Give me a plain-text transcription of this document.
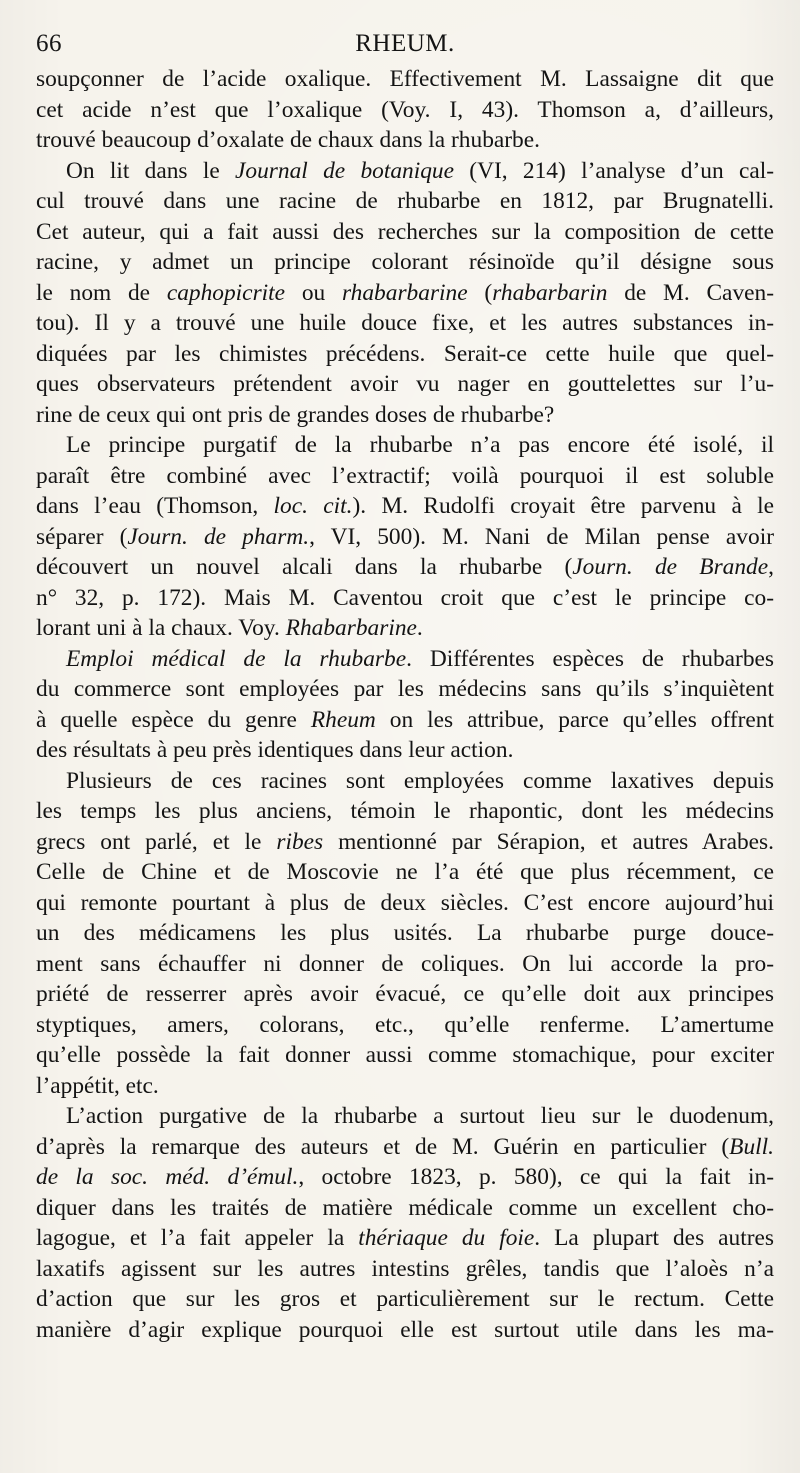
66	RHEUM.

soupçonner de l’acide oxalique. Effectivement M. Lassaigne dit que
cet acide n’est que l’oxalique (Voy. I, 43). Thomson a, d’ailleurs,
trouvé beaucoup d’oxalate de chaux dans la rhubarbe.

On lit dans le Journal de botanique (VI, 214) l’analyse d’un cal-
cul trouvé dans une racine de rhubarbe en 1812, par Brugnatelli.
Cet auteur, qui a fait aussi des recherches sur la composition de cette
racine, y admet un principe colorant résinoïde qu’il désigne sous
le nom de caphopicrite ou rhabarbarine (rhabarbarin de M. Caven-
tou). Il y a trouvé une huile douce fixe, et les autres substances in-
diquées par les chimistes précédens. Serait-ce cette huile que quel-
ques observateurs prétendent avoir vu nager en gouttelettes sur l’u-
rine de ceux qui ont pris de grandes doses de rhubarbe?

Le principe purgatif de la rhubarbe n’a pas encore été isolé, il
paraît être combiné avec l’extractif; voilà pourquoi il est soluble
dans l’eau (Thomson, loc. cit.). M. Rudolfi croyait être parvenu à le
séparer (Journ. de pharm., VI, 500). M. Nani de Milan pense avoir
découvert un nouvel alcali dans la rhubarbe (Journ. de Brande,
n° 32, p. 172). Mais M. Caventou croit que c’est le principe co-
lorant uni à la chaux. Voy. Rhabarbarine.

Emploi médical de la rhubarbe. Différentes espèces de rhubarbes
du commerce sont employées par les médecins sans qu’ils s’inquiètent
à quelle espèce du genre Rheum on les attribue, parce qu’elles offrent
des résultats à peu près identiques dans leur action.

Plusieurs de ces racines sont employées comme laxatives depuis
les temps les plus anciens, témoin le rhapontic, dont les médecins
grecs ont parlé, et le ribes mentionné par Sérapion, et autres Arabes.
Celle de Chine et de Moscovie ne l’a été que plus récemment, ce
qui remonte pourtant à plus de deux siècles. C’est encore aujourd’hui
un des médicamens les plus usités. La rhubarbe purge douce-
ment sans échauffer ni donner de coliques. On lui accorde la pro-
priété de resserrer après avoir évacué, ce qu’elle doit aux principes
styptiques, amers, colorans, etc., qu’elle renferme. L’amertume
qu’elle possède la fait donner aussi comme stomachique, pour exciter
l’appétit, etc.

L’action purgative de la rhubarbe a surtout lieu sur le duodenum,
d’après la remarque des auteurs et de M. Guérin en particulier (Bull.
de la soc. méd. d’émul., octobre 1823, p. 580), ce qui la fait in-
diquer dans les traités de matière médicale comme un excellent cho-
lagogue, et l’a fait appeler la thériaque du foie. La plupart des autres
laxatifs agissent sur les autres intestins grêles, tandis que l’aloès n’a
d’action que sur les gros et particulièrement sur le rectum. Cette
manière d’agir explique pourquoi elle est surtout utile dans les ma-
